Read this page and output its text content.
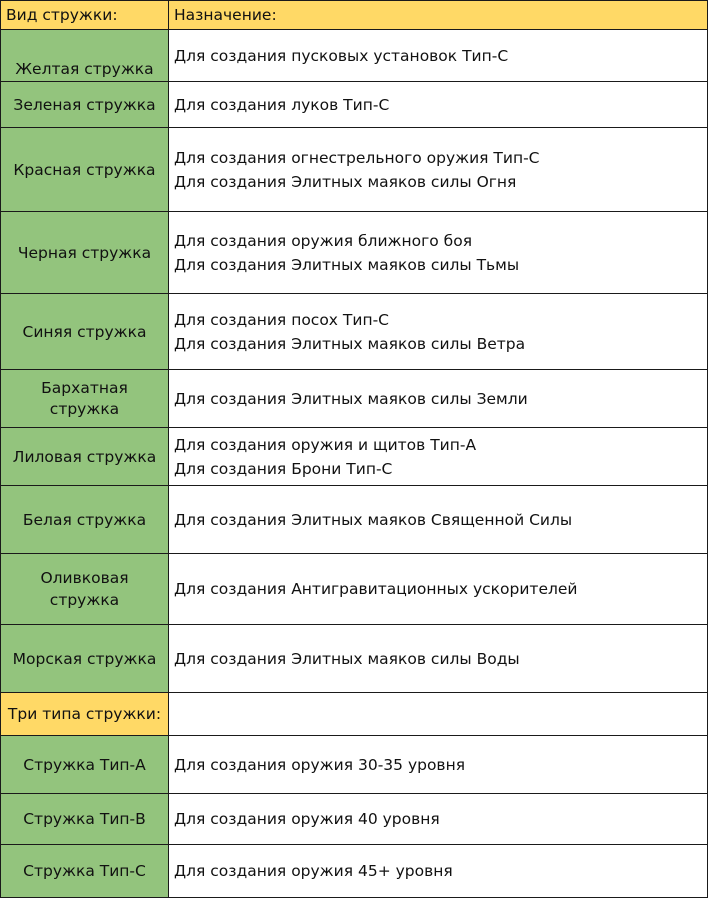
Вид стружки:	Назначение:
Желтая стружка	Для создания пусковых установок Тип-С

Зеленая стружка	Для создания луков Тип-С

Красная стружка	Для создания огнестрельного оружия Тип-С
Для создания Элитных маяков силы Огня

Черная стружка	Для создания оружия ближного боя
Для создания Элитных маяков силы Тьмы

Синяя стружка	Для создания посох Тип-С
Для создания Элитных маяков силы Ветра

Бархатная стружка	Для создания Элитных маяков силы Земли

Лиловая стружка	Для создания оружия и щитов Тип-А
Для создания Брони Тип-С

Белая стружка	Для создания Элитных маяков Священной Силы

Оливковая стружка	Для создания Антигравитационных ускорителей

Морская стружка	Для создания Элитных маяков силы Воды

Три типа стружки:	
Стружка Тип-А	Для создания оружия 30-35 уровня

Стружка Тип-В	Для создания оружия 40 уровня

Стружка Тип-С	Для создания оружия 45+ уровня
